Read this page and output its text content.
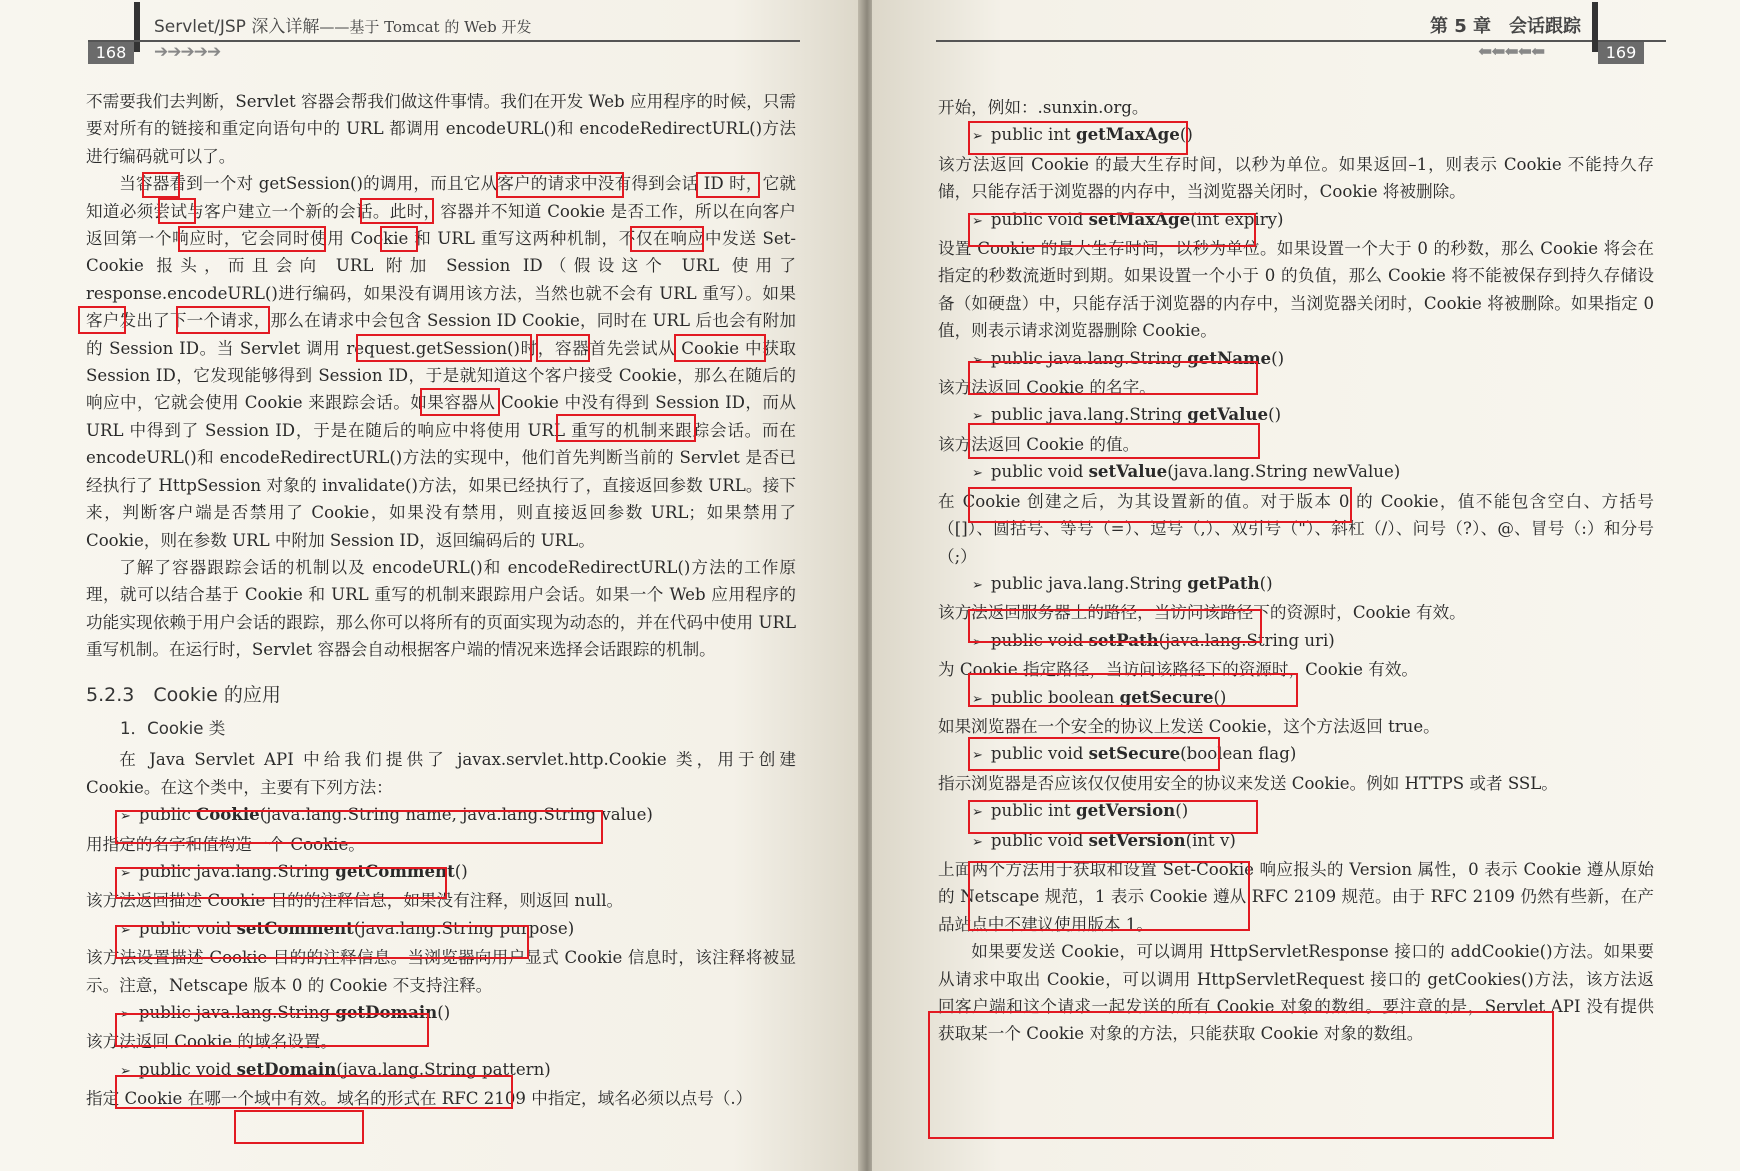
Servlet/JSP 深入详解——基于 Tomcat 的 Web 开发
168	➔➔➔➔➔

不需要我们去判断，Servlet 容器会帮我们做这件事情。我们在开发 Web 应用程序的时候，只需要对所有的链接和重定向语句中的 URL 都调用 encodeURL()和 encodeRedirectURL()方法进行编码就可以了。

当容器看到一个对 getSession()的调用，而且它从客户的请求中没有得到会话 ID 时，它就知道必须尝试与客户建立一个新的会话。此时，容器并不知道 Cookie 是否工作，所以在向客户返回第一个响应时，它会同时使用 Cookie 和 URL 重写这两种机制，不仅在响应中发送 Set-Cookie 报头，而且会向 URL 附加 Session ID（假设这个 URL 使用了 response.encodeURL()进行编码，如果没有调用该方法，当然也就不会有 URL 重写）。如果客户发出了下一个请求，那么在请求中会包含 Session ID Cookie，同时在 URL 后也会有附加的 Session ID。当 Servlet 调用 request.getSession()时，容器首先尝试从 Cookie 中获取 Session ID，它发现能够得到 Session ID，于是就知道这个客户接受 Cookie，那么在随后的响应中，它就会使用 Cookie 来跟踪会话。如果容器从 Cookie 中没有得到 Session ID，而从 URL 中得到了 Session ID，于是在随后的响应中将使用 URL 重写的机制来跟踪会话。而在 encodeURL()和 encodeRedirectURL()方法的实现中，他们首先判断当前的 Servlet 是否已经执行了 HttpSession 对象的 invalidate()方法，如果已经执行了，直接返回参数 URL。接下来，判断客户端是否禁用了 Cookie，如果没有禁用，则直接返回参数 URL；如果禁用了 Cookie，则在参数 URL 中附加 Session ID，返回编码后的 URL。

了解了容器跟踪会话的机制以及 encodeURL()和 encodeRedirectURL()方法的工作原理，就可以结合基于 Cookie 和 URL 重写的机制来跟踪用户会话。如果一个 Web 应用程序的功能实现依赖于用户会话的跟踪，那么你可以将所有的页面实现为动态的，并在代码中使用 URL 重写机制。在运行时，Servlet 容器会自动根据客户端的情况来选择会话跟踪的机制。

5.2.3　Cookie 的应用
1．Cookie 类

在 Java Servlet API 中给我们提供了 javax.servlet.http.Cookie 类，用于创建 Cookie。在这个类中，主要有下列方法：

➢ public Cookie(java.lang.String name, java.lang.String value)

用指定的名字和值构造一个 Cookie。

➢ public java.lang.String getComment()

该方法返回描述 Cookie 目的的注释信息，如果没有注释，则返回 null。

➢ public void setComment(java.lang.String purpose)

该方法设置描述 Cookie 目的的注释信息。当浏览器向用户显式 Cookie 信息时，该注释将被显示。注意，Netscape 版本 0 的 Cookie 不支持注释。

➢ public java.lang.String getDomain()

该方法返回 Cookie 的域名设置。

➢ public void setDomain(java.lang.String pattern)

指定 Cookie 在哪一个域中有效。域名的形式在 RFC 2109 中指定，域名必须以点号（.）

第 5 章　会话跟踪
169
⬅⬅⬅⬅⬅

开始，例如：.sunxin.org。

➢ public int getMaxAge()

该方法返回 Cookie 的最大生存时间，以秒为单位。如果返回–1，则表示 Cookie 不能持久存储，只能存活于浏览器的内存中，当浏览器关闭时，Cookie 将被删除。

➢ public void setMaxAge(int expiry)

设置 Cookie 的最大生存时间，以秒为单位。如果设置一个大于 0 的秒数，那么 Cookie 将会在指定的秒数流逝时到期。如果设置一个小于 0 的负值，那么 Cookie 将不能被保存到持久存储设备（如硬盘）中，只能存活于浏览器的内存中，当浏览器关闭时，Cookie 将被删除。如果指定 0 值，则表示请求浏览器删除 Cookie。

➢ public java.lang.String getName()

该方法返回 Cookie 的名字。

➢ public java.lang.String getValue()

该方法返回 Cookie 的值。

➢ public void setValue(java.lang.String newValue)

在 Cookie 创建之后，为其设置新的值。对于版本 0 的 Cookie，值不能包含空白、方括号（[]）、圆括号、等号（=）、逗号（,）、双引号（"）、斜杠（/）、问号（?）、@、冒号（:）和分号（;）

➢ public java.lang.String getPath()

该方法返回服务器上的路径，当访问该路径下的资源时，Cookie 有效。

➢ public void setPath(java.lang.String uri)

为 Cookie 指定路径，当访问该路径下的资源时，Cookie 有效。

➢ public boolean getSecure()

如果浏览器在一个安全的协议上发送 Cookie，这个方法返回 true。

➢ public void setSecure(boolean flag)

指示浏览器是否应该仅仅使用安全的协议来发送 Cookie。例如 HTTPS 或者 SSL。

➢ public int getVersion()
➢ public void setVersion(int v)

上面两个方法用于获取和设置 Set-Cookie 响应报头的 Version 属性，0 表示 Cookie 遵从原始的 Netscape 规范，1 表示 Cookie 遵从 RFC 2109 规范。由于 RFC 2109 仍然有些新，在产品站点中不建议使用版本 1。

如果要发送 Cookie，可以调用 HttpServletResponse 接口的 addCookie()方法。如果要从请求中取出 Cookie，可以调用 HttpServletRequest 接口的 getCookies()方法，该方法返回客户端和这个请求一起发送的所有 Cookie 对象的数组。要注意的是，Servlet API 没有提供获取某一个 Cookie 对象的方法，只能获取 Cookie 对象的数组。
